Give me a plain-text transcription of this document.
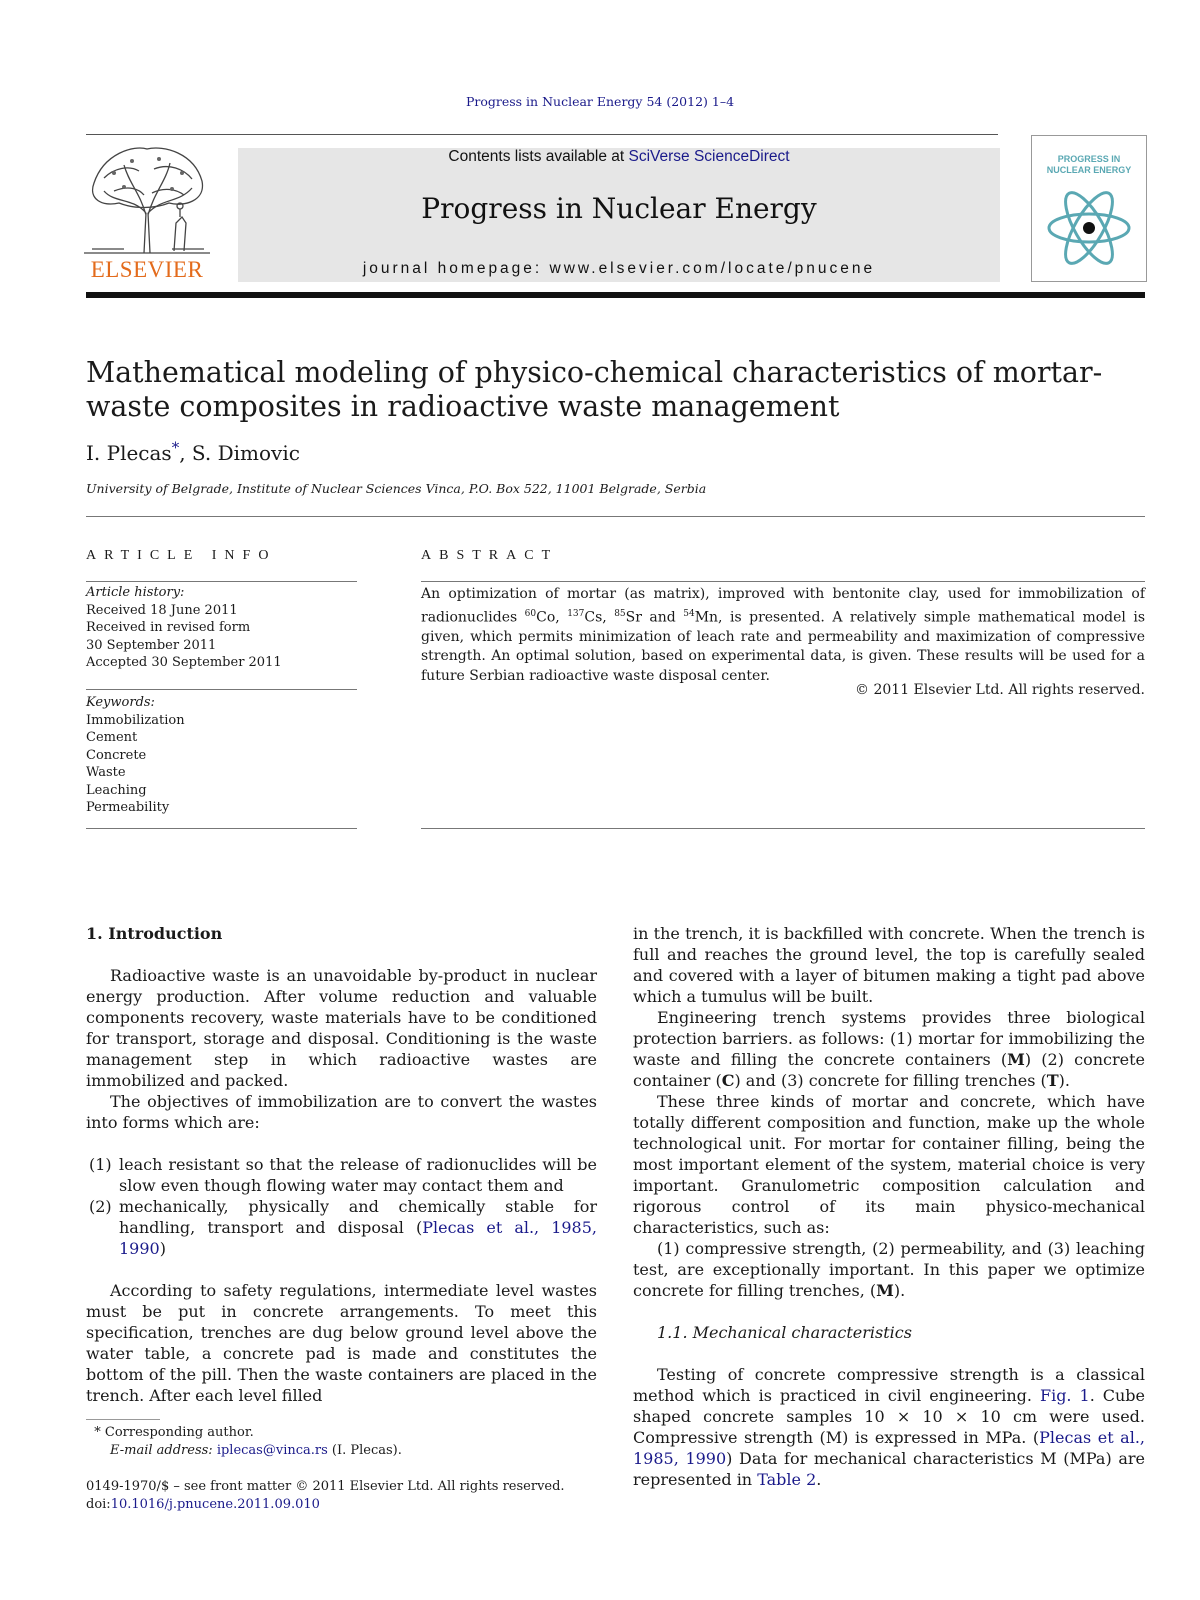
Progress in Nuclear Energy 54 (2012) 1–4
ELSEVIER
Contents lists available at SciVerse ScienceDirect
Progress in Nuclear Energy
journal homepage: www.elsevier.com/locate/pnucene
PROGRESS IN
NUCLEAR ENERGY
Mathematical modeling of physico-chemical characteristics of mortar-waste composites in radioactive waste management
I. Plecas*, S. Dimovic
University of Belgrade, Institute of Nuclear Sciences Vinca, P.O. Box 522, 11001 Belgrade, Serbia
ARTICLE INFO
Article history:
Received 18 June 2011
Received in revised form
30 September 2011
Accepted 30 September 2011
Keywords:
Immobilization
Cement
Concrete
Waste
Leaching
Permeability
ABSTRACT
An optimization of mortar (as matrix), improved with bentonite clay, used for immobilization of radionuclides $^{60}$Co, $^{137}$Cs, $^{85}$Sr and $^{54}$Mn, is presented. A relatively simple mathematical model is given, which permits minimization of leach rate and permeability and maximization of compressive strength. An optimal solution, based on experimental data, is given. These results will be used for a future Serbian radioactive waste disposal center.
© 2011 Elsevier Ltd. All rights reserved.

1. Introduction

Radioactive waste is an unavoidable by-product in nuclear energy production. After volume reduction and valuable components recovery, waste materials have to be conditioned for transport, storage and disposal. Conditioning is the waste management step in which radioactive wastes are immobilized and packed.

The objectives of immobilization are to convert the wastes into forms which are:

(1) leach resistant so that the release of radionuclides will be slow even though flowing water may contact them and
(2) mechanically, physically and chemically stable for handling, transport and disposal (Plecas et al., 1985, 1990)

According to safety regulations, intermediate level wastes must be put in concrete arrangements. To meet this specification, trenches are dug below ground level above the water table, a concrete pad is made and constitutes the bottom of the pill. Then the waste containers are placed in the trench. After each level filled

in the trench, it is backfilled with concrete. When the trench is full and reaches the ground level, the top is carefully sealed and covered with a layer of bitumen making a tight pad above which a tumulus will be built.

Engineering trench systems provides three biological protection barriers. as follows: (1) mortar for immobilizing the waste and filling the concrete containers (M) (2) concrete container (C) and (3) concrete for filling trenches (T).

These three kinds of mortar and concrete, which have totally different composition and function, make up the whole technological unit. For mortar for container filling, being the most important element of the system, material choice is very important. Granulometric composition calculation and rigorous control of its main physico-mechanical characteristics, such as:

(1) compressive strength, (2) permeability, and (3) leaching test, are exceptionally important. In this paper we optimize concrete for filling trenches, (M).

1.1. Mechanical characteristics

Testing of concrete compressive strength is a classical method which is practiced in civil engineering. Fig. 1. Cube shaped concrete samples 10 × 10 × 10 cm were used. Compressive strength (M) is expressed in MPa. (Plecas et al., 1985, 1990) Data for mechanical characteristics M (MPa) are represented in Table 2.

* Corresponding author.
E-mail address: iplecas@vinca.rs (I. Plecas).
0149-1970/$ – see front matter © 2011 Elsevier Ltd. All rights reserved.
doi:10.1016/j.pnucene.2011.09.010
